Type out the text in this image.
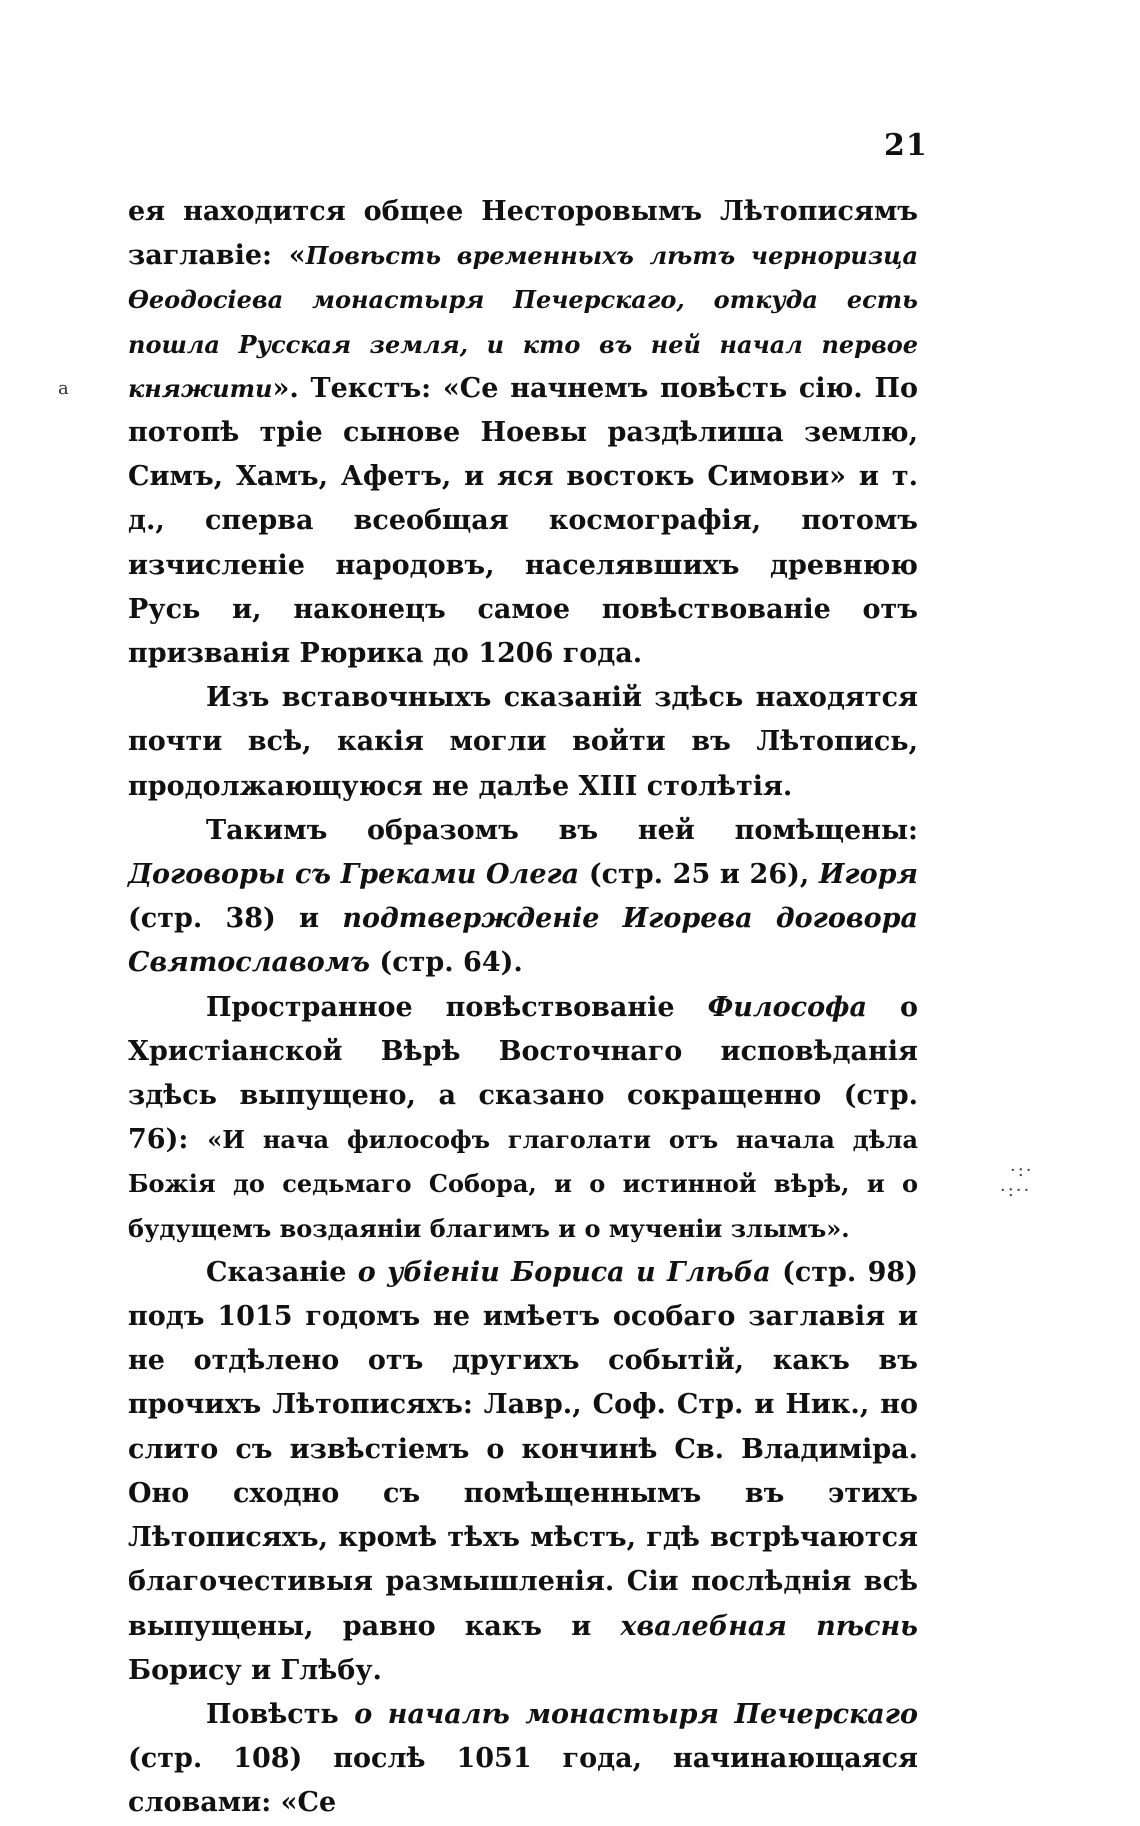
21
a
·:·
·:··

ея находится общее Несторовымъ Лѣтописямъ заглавіе: «Повѣсть временныхъ лѣтъ черноризца Ѳеодосіева монастыря Печерскаго, откуда есть пошла Русская земля, и кто въ ней начал первое княжити». Текстъ: «Се начнемъ повѣсть сію. По потопѣ тріе сынове Ноевы раздѣлиша землю, Симъ, Хамъ, Афетъ, и яся востокъ Симови» и т. д., сперва всеобщая космографія, потомъ изчисленіе народовъ, населявшихъ древнюю Русь и, наконецъ самое повѣствованіе отъ призванія Рюрика до 1206 года.

Изъ вставочныхъ сказаній здѣсь находятся почти всѣ, какія могли войти въ Лѣтопись, продолжающуюся не далѣе XIII столѣтія.

Такимъ образомъ въ ней помѣщены: Договоры съ Греками Олега (стр. 25 и 26), Игоря (стр. 38) и подтвержденіе Игорева договора Святославомъ (стр. 64).

Пространное повѣствованіе Философа о Христіанской Вѣрѣ Восточнаго исповѣданія здѣсь выпущено, а сказано сокращенно (стр. 76): «И нача философъ глаголати отъ начала дѣла Божія до седьмаго Собора, и о истинной вѣрѣ, и о будущемъ воздаяніи благимъ и о мученіи злымъ».

Сказаніе о убіеніи Бориса и Глѣба (стр. 98) подъ 1015 годомъ не имѣетъ особаго заглавія и не отдѣлено отъ другихъ событій, какъ въ прочихъ Лѣтописяхъ: Лавр., Соф. Стр. и Ник., но слито съ извѣстіемъ о кончинѣ Св. Владиміра. Оно сходно съ помѣщеннымъ въ этихъ Лѣтописяхъ, кромѣ тѣхъ мѣстъ, гдѣ встрѣчаются благочестивыя размышленія. Сіи послѣднія всѣ выпущены, равно какъ и хвалебная пѣснь Борису и Глѣбу.

Повѣсть о началѣ монастыря Печерскаго (стр. 108) послѣ 1051 года, начинающаяся словами: «Се
